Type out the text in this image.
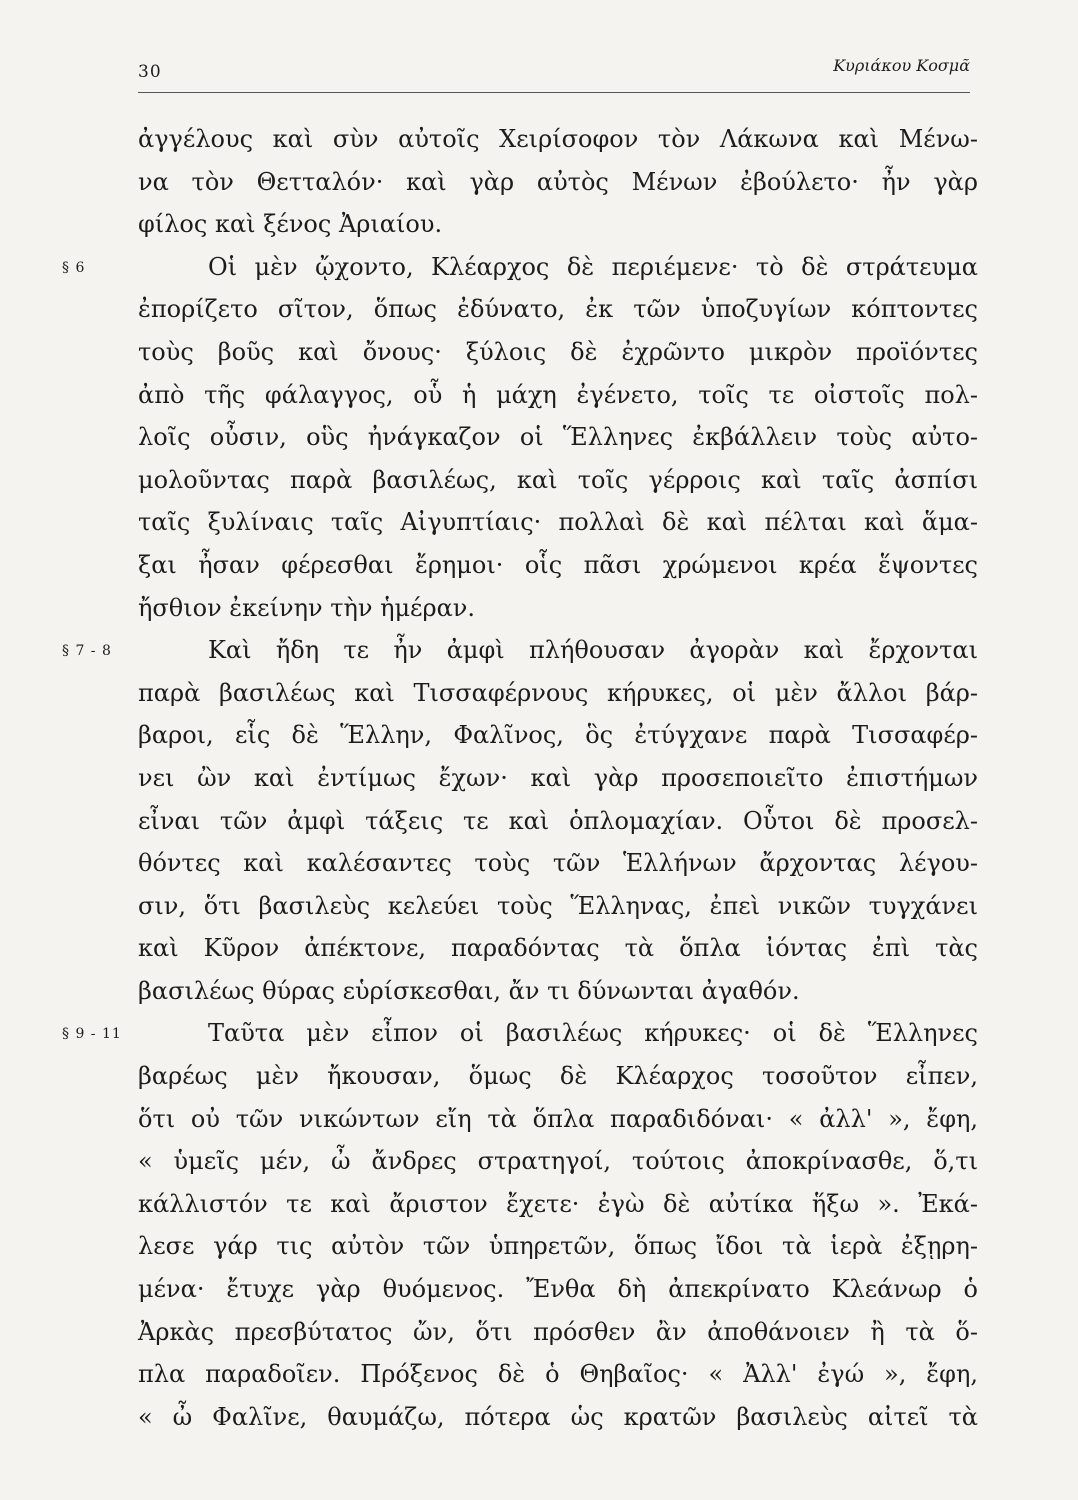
30	Κυριάκου Κοσμᾶ
ἀγγέλους καὶ σὺν αὐτοῖς Χειρίσοφον τὸν Λάκωνα καὶ Μένω-
να τὸν Θετταλόν· καὶ γὰρ αὐτὸς Μένων ἐβούλετο· ἦν γὰρ
φίλος καὶ ξένος Ἀριαίου.
§ 6	Οἱ μὲν ᾤχοντο, Κλέαρχος δὲ περιέμενε· τὸ δὲ στράτευμα
ἐπορίζετο σῖτον, ὅπως ἐδύνατο, ἐκ τῶν ὑποζυγίων κόπτοντες
τοὺς βοῦς καὶ ὄνους· ξύλοις δὲ ἐχρῶντο μικρὸν προϊόντες
ἀπὸ τῆς φάλαγγος, οὗ ἡ μάχη ἐγένετο, τοῖς τε οἰστοῖς πολ-
λοῖς οὖσιν, οὓς ἠνάγκαζον οἱ Ἕλληνες ἐκβάλλειν τοὺς αὐτο-
μολοῦντας παρὰ βασιλέως, καὶ τοῖς γέρροις καὶ ταῖς ἀσπίσι
ταῖς ξυλίναις ταῖς Αἰγυπτίαις· πολλαὶ δὲ καὶ πέλται καὶ ἅμα-
ξαι ἦσαν φέρεσθαι ἔρημοι· οἷς πᾶσι χρώμενοι κρέα ἕψοντες
ἤσθιον ἐκείνην τὴν ἡμέραν.
§ 7 - 8	Καὶ ἤδη τε ἦν ἀμφὶ πλήθουσαν ἀγορὰν καὶ ἔρχονται
παρὰ βασιλέως καὶ Τισσαφέρνους κήρυκες, οἱ μὲν ἄλλοι βάρ-
βαροι, εἷς δὲ Ἕλλην, Φαλῖνος, ὃς ἐτύγχανε παρὰ Τισσαφέρ-
νει ὢν καὶ ἐντίμως ἔχων· καὶ γὰρ προσεποιεῖτο ἐπιστήμων
εἶναι τῶν ἀμφὶ τάξεις τε καὶ ὁπλομαχίαν. Οὗτοι δὲ προσελ-
θόντες καὶ καλέσαντες τοὺς τῶν Ἑλλήνων ἄρχοντας λέγου-
σιν, ὅτι βασιλεὺς κελεύει τοὺς Ἕλληνας, ἐπεὶ νικῶν τυγχάνει
καὶ Κῦρον ἀπέκτονε, παραδόντας τὰ ὅπλα ἰόντας ἐπὶ τὰς
βασιλέως θύρας εὑρίσκεσθαι, ἄν τι δύνωνται ἀγαθόν.
§ 9 - 11	Ταῦτα μὲν εἶπον οἱ βασιλέως κήρυκες· οἱ δὲ Ἕλληνες
βαρέως μὲν ἤκουσαν, ὅμως δὲ Κλέαρχος τοσοῦτον εἶπεν,
ὅτι οὐ τῶν νικώντων εἴη τὰ ὅπλα παραδιδόναι· « ἀλλ' », ἔφη,
« ὑμεῖς μέν, ὦ ἄνδρες στρατηγοί, τούτοις ἀποκρίνασθε, ὅ,τι
κάλλιστόν τε καὶ ἄριστον ἔχετε· ἐγὼ δὲ αὐτίκα ἥξω ». Ἐκά-
λεσε γάρ τις αὐτὸν τῶν ὑπηρετῶν, ὅπως ἴδοι τὰ ἱερὰ ἐξῃρη-
μένα· ἔτυχε γὰρ θυόμενος. Ἔνθα δὴ ἀπεκρίνατο Κλεάνωρ ὁ
Ἀρκὰς πρεσβύτατος ὤν, ὅτι πρόσθεν ἂν ἀποθάνοιεν ἢ τὰ ὅ-
πλα παραδοῖεν. Πρόξενος δὲ ὁ Θηβαῖος· « Ἀλλ' ἐγώ », ἔφη,
« ὦ Φαλῖνε, θαυμάζω, πότερα ὡς κρατῶν βασιλεὺς αἰτεῖ τὰ
